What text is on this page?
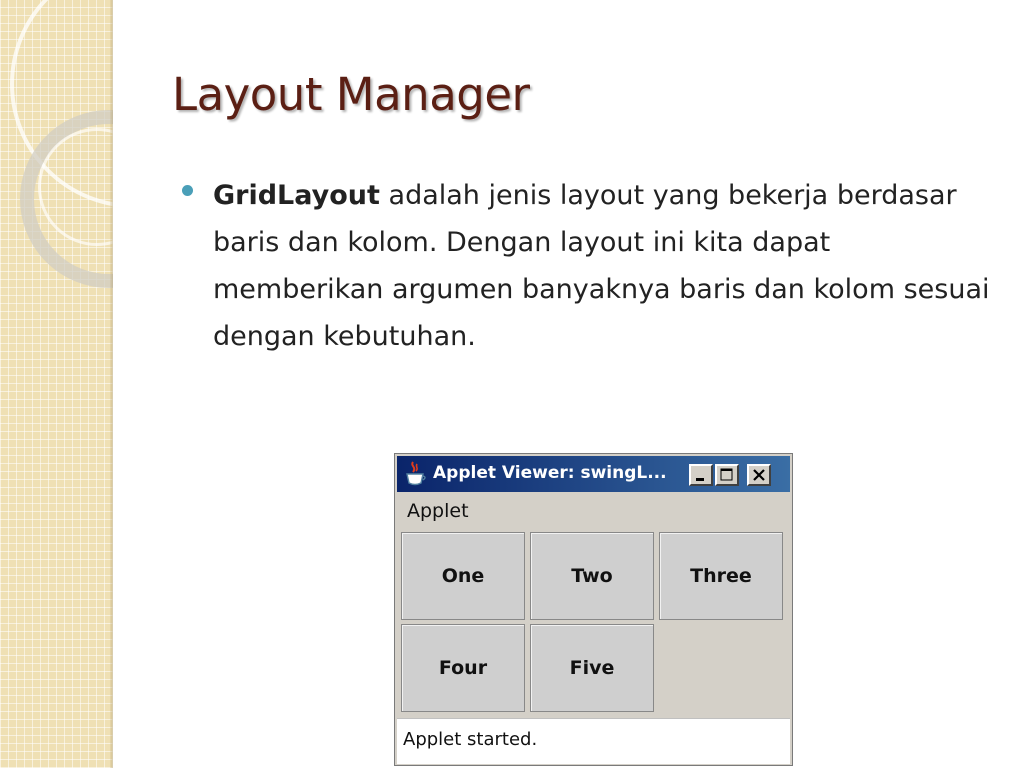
Layout Manager

GridLayout adalah jenis layout yang bekerja berdasar baris dan kolom. Dengan layout ini kita dapat memberikan argumen banyaknya baris dan kolom sesuai dengan kebutuhan.

Applet Viewer: swingL...
Applet
One	Two	Three
Four	Five
Applet started.
